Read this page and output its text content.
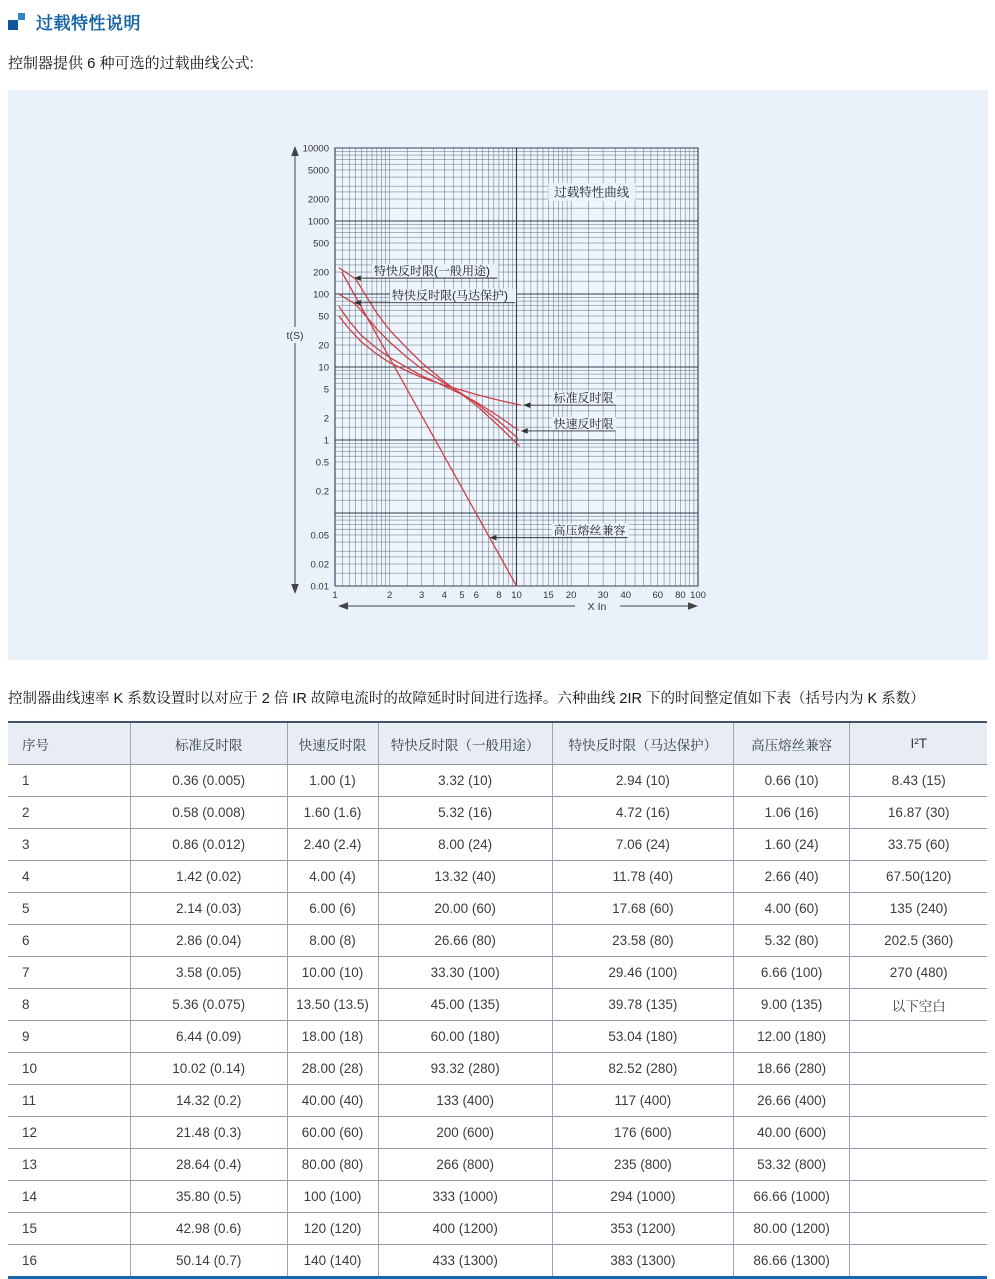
过载特性说明

控制器提供 6 种可选的过载曲线公式:

10000
5000
2000
1000
500
200
100
50
20
10
5
2
1
0.5
0.2
0.05
0.02
0.01
1	2	3 4 5 6 8 10 15 20 30 40 60 80 100
t(S)
X In
过载特性曲线
特快反时限(一般用途)
特快反时限(马达保护)
标准反时限
快速反时限
高压熔丝兼容

控制器曲线速率 K 系数设置时以对应于 2 倍 IR 故障电流时的故障延时时间进行选择。六种曲线 2IR 下的时间整定值如下表（括号内为 K 系数）

序号	标准反时限	快速反时限	特快反时限（一般用途）	特快反时限（马达保护）	高压熔丝兼容	I²T
1	0.36 (0.005)	1.00 (1)	3.32 (10)	2.94 (10)	0.66 (10)	8.43 (15)
2	0.58 (0.008)	1.60 (1.6)	5.32 (16)	4.72 (16)	1.06 (16)	16.87 (30)
3	0.86 (0.012)	2.40 (2.4)	8.00 (24)	7.06 (24)	1.60 (24)	33.75 (60)
4	1.42 (0.02)	4.00 (4)	13.32 (40)	11.78 (40)	2.66 (40)	67.50(120)
5	2.14 (0.03)	6.00 (6)	20.00 (60)	17.68 (60)	4.00 (60)	135 (240)
6	2.86 (0.04)	8.00 (8)	26.66 (80)	23.58 (80)	5.32 (80)	202.5 (360)
7	3.58 (0.05)	10.00 (10)	33.30 (100)	29.46 (100)	6.66 (100)	270 (480)
8	5.36 (0.075)	13.50 (13.5)	45.00 (135)	39.78 (135)	9.00 (135)	以下空白
9	6.44 (0.09)	18.00 (18)	60.00 (180)	53.04 (180)	12.00 (180)	
10	10.02 (0.14)	28.00 (28)	93.32 (280)	82.52 (280)	18.66 (280)	
11	14.32 (0.2)	40.00 (40)	133 (400)	117 (400)	26.66 (400)	
12	21.48 (0.3)	60.00 (60)	200 (600)	176 (600)	40.00 (600)	
13	28.64 (0.4)	80.00 (80)	266 (800)	235 (800)	53.32 (800)	
14	35.80 (0.5)	100 (100)	333 (1000)	294 (1000)	66.66 (1000)	
15	42.98 (0.6)	120 (120)	400 (1200)	353 (1200)	80.00 (1200)	
16	50.14 (0.7)	140 (140)	433 (1300)	383 (1300)	86.66 (1300)	
